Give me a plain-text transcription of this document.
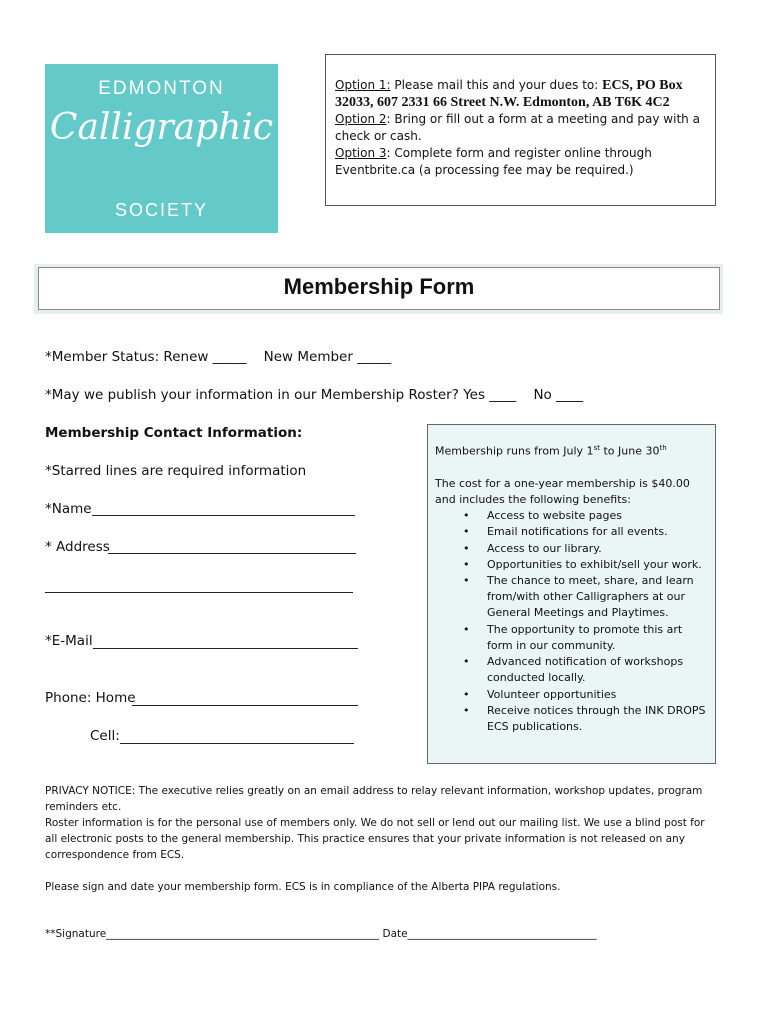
EDMONTON
Calligraphic
SOCIETY
Option 1: Please mail this and your dues to: ECS, PO Box
32033, 607 2331 66 Street N.W. Edmonton, AB T6K 4C2
Option 2: Bring or fill out a form at a meeting and pay with a check or cash.
Option 3: Complete form and register online through Eventbrite.ca (a processing fee may be required.)
Membership Form
*Member Status: Renew _____ New Member _____
*May we publish your information in our Membership Roster? Yes ____ No ____
Membership Contact Information:
*Starred lines are required information
*Name
* Address
*E-Mail
Phone: Home
Cell:
Membership runs from July 1st to June 30th
The cost for a one-year membership is $40.00 and includes the following benefits:
• Access to website pages
• Email notifications for all events.
• Access to our library.
• Opportunities to exhibit/sell your work.
• The chance to meet, share, and learn from/with other Calligraphers at our General Meetings and Playtimes.
• The opportunity to promote this art form in our community.
• Advanced notification of workshops conducted locally.
• Volunteer opportunities
• Receive notices through the INK DROPS ECS publications.
PRIVACY NOTICE: The executive relies greatly on an email address to relay relevant information, workshop updates, program reminders etc.
Roster information is for the personal use of members only. We do not sell or lend out our mailing list. We use a blind post for all electronic posts to the general membership. This practice ensures that your private information is not released on any correspondence from ECS.
Please sign and date your membership form. ECS is in compliance of the Alberta PIPA regulations.
**Signature____________________________________________________ Date____________________________________
